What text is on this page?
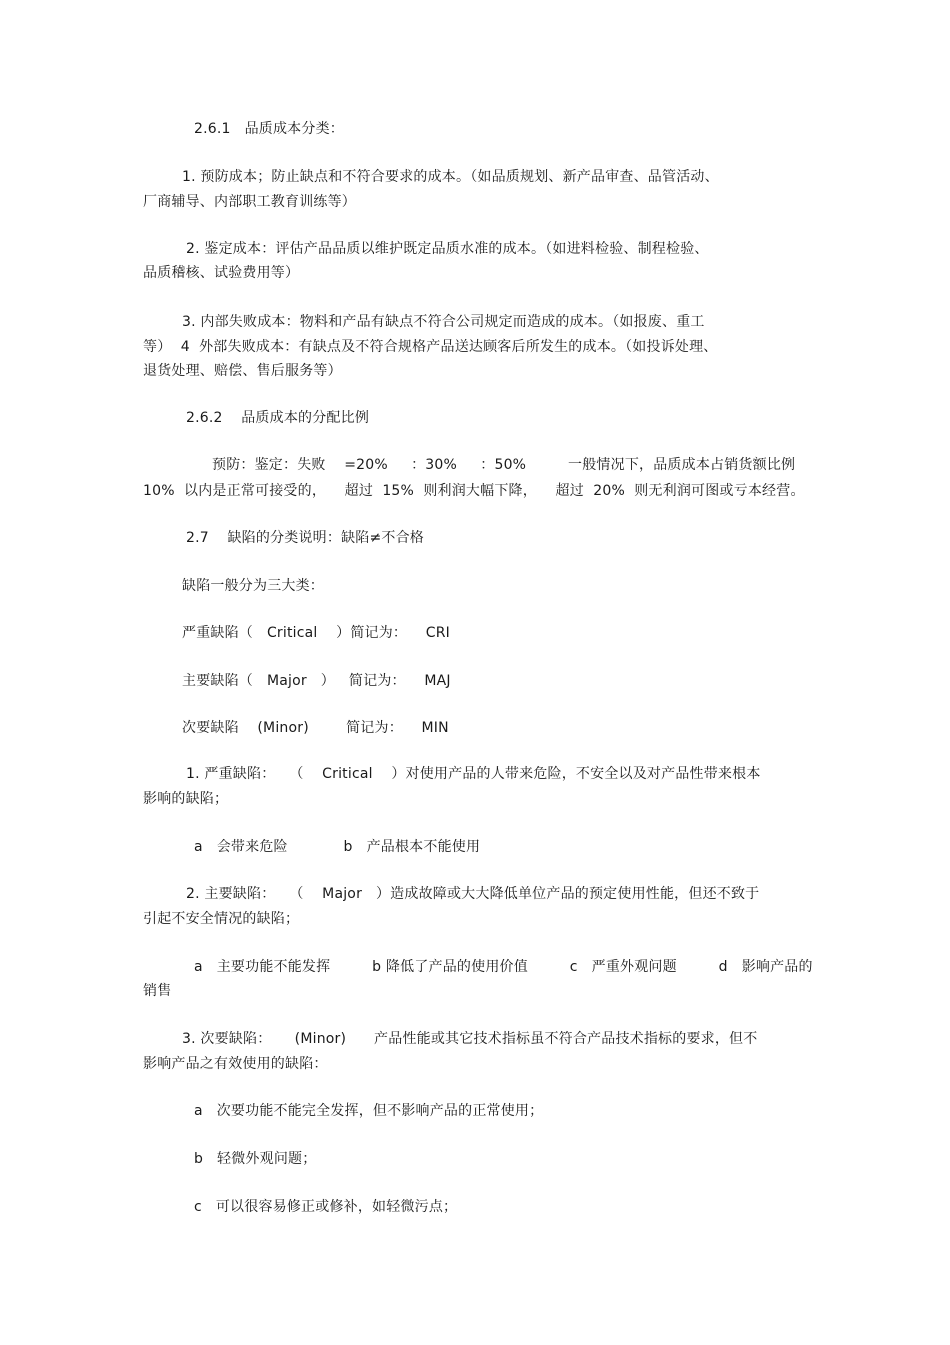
2.6.1   品质成本分类：
1. 预防成本；防止缺点和不符合要求的成本。（如品质规划、新产品审查、品管活动、
厂商辅导、内部职工教育训练等）
2. 鉴定成本：评估产品品质以维护既定品质水准的成本。（如进料检验、制程检验、
品质稽核、试验费用等）
3. 内部失败成本：物料和产品有缺点不符合公司规定而造成的成本。（如报废、重工
等）  4  外部失败成本：有缺点及不符合规格产品送达顾客后所发生的成本。（如投诉处理、
退货处理、赔偿、售后服务等）
2.6.2    品质成本的分配比例
预防：鉴定：失败    =20%     ：30%     ：50%         一般情况下，品质成本占销货额比例
10%  以内是正常可接受的，    超过  15%  则利润大幅下降，    超过  20%  则无利润可图或亏本经营。
2.7    缺陷的分类说明：缺陷≠不合格
缺陷一般分为三大类：
严重缺陷（   Critical    ）简记为：    CRI
主要缺陷（   Major   ）   简记为：    MAJ
次要缺陷    (Minor)        简记为：    MIN
1. 严重缺陷：   （    Critical    ）对使用产品的人带来危险，不安全以及对产品性带来根本
影响的缺陷；
a   会带来危险            b   产品根本不能使用
2. 主要缺陷：   （    Major   ）造成故障或大大降低单位产品的预定使用性能，但还不致于
引起不安全情况的缺陷；
a   主要功能不能发挥         b 降低了产品的使用价值         c   严重外观问题         d   影响产品的
销售
3. 次要缺陷：     (Minor)      产品性能或其它技术指标虽不符合产品技术指标的要求，但不
影响产品之有效使用的缺陷：
a   次要功能不能完全发挥，但不影响产品的正常使用；
b   轻微外观问题；
c   可以很容易修正或修补，如轻微污点；
